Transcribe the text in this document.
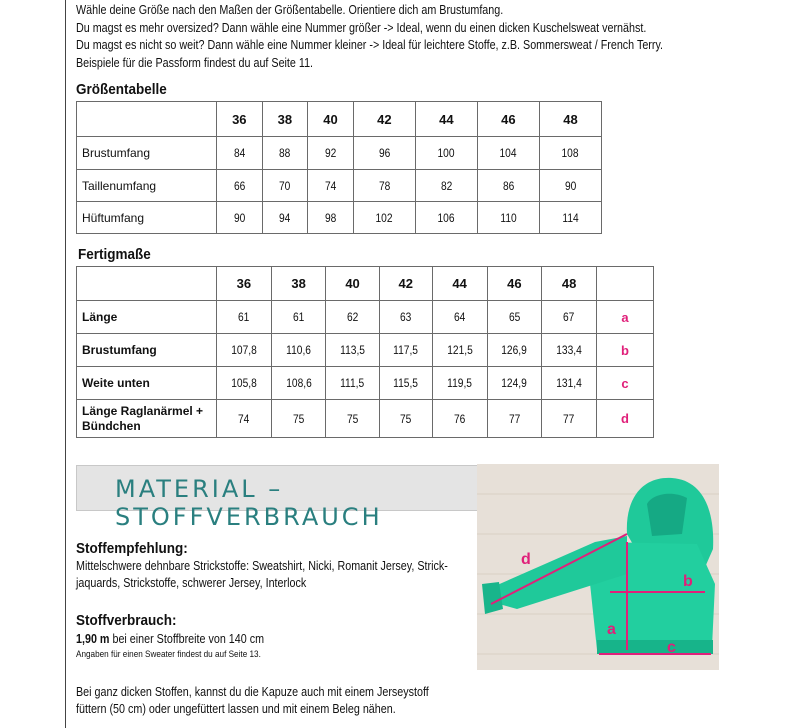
Wähle deine Größe nach den Maßen der Größentabelle. Orientiere dich am Brustumfang.
Du magst es mehr oversized? Dann wähle eine Nummer größer -> Ideal, wenn du einen dicken Kuschelsweat vernähst.
Du magst es nicht so weit? Dann wähle eine Nummer kleiner -> Ideal für leichtere Stoffe, z.B. Sommersweat / French Terry.
Beispiele für die Passform findest du auf Seite 11.
Größentabelle
	36	38	40	42	44	46	48
Brustumfang	84	88	92	96	100	104	108
Taillenumfang	66	70	74	78	82	86	90
Hüftumfang	90	94	98	102	106	110	114
Fertigmaße
	36	38	40	42	44	46	48	
Länge	61	61	62	63	64	65	67	a
Brustumfang	107,8	110,6	113,5	117,5	121,5	126,9	133,4	b
Weite unten	105,8	108,6	111,5	115,5	119,5	124,9	131,4	c
Länge Raglanärmel + Bündchen	74	75	75	75	76	77	77	d
MATERIAL – STOFFVERBRAUCH
Stoffempfehlung:
Mittelschwere dehnbare Strickstoffe: Sweatshirt, Nicki, Romanit Jersey, Strick-
jaquards, Strickstoffe, schwerer Jersey, Interlock
Stoffverbrauch:
1,90 m bei einer Stoffbreite von 140 cm
Angaben für einen Sweater findest du auf Seite 13.
Bei ganz dicken Stoffen, kannst du die Kapuze auch mit einem Jerseystoff
füttern (50 cm) oder ungefüttert lassen und mit einem Beleg nähen.
d
b
a
c
